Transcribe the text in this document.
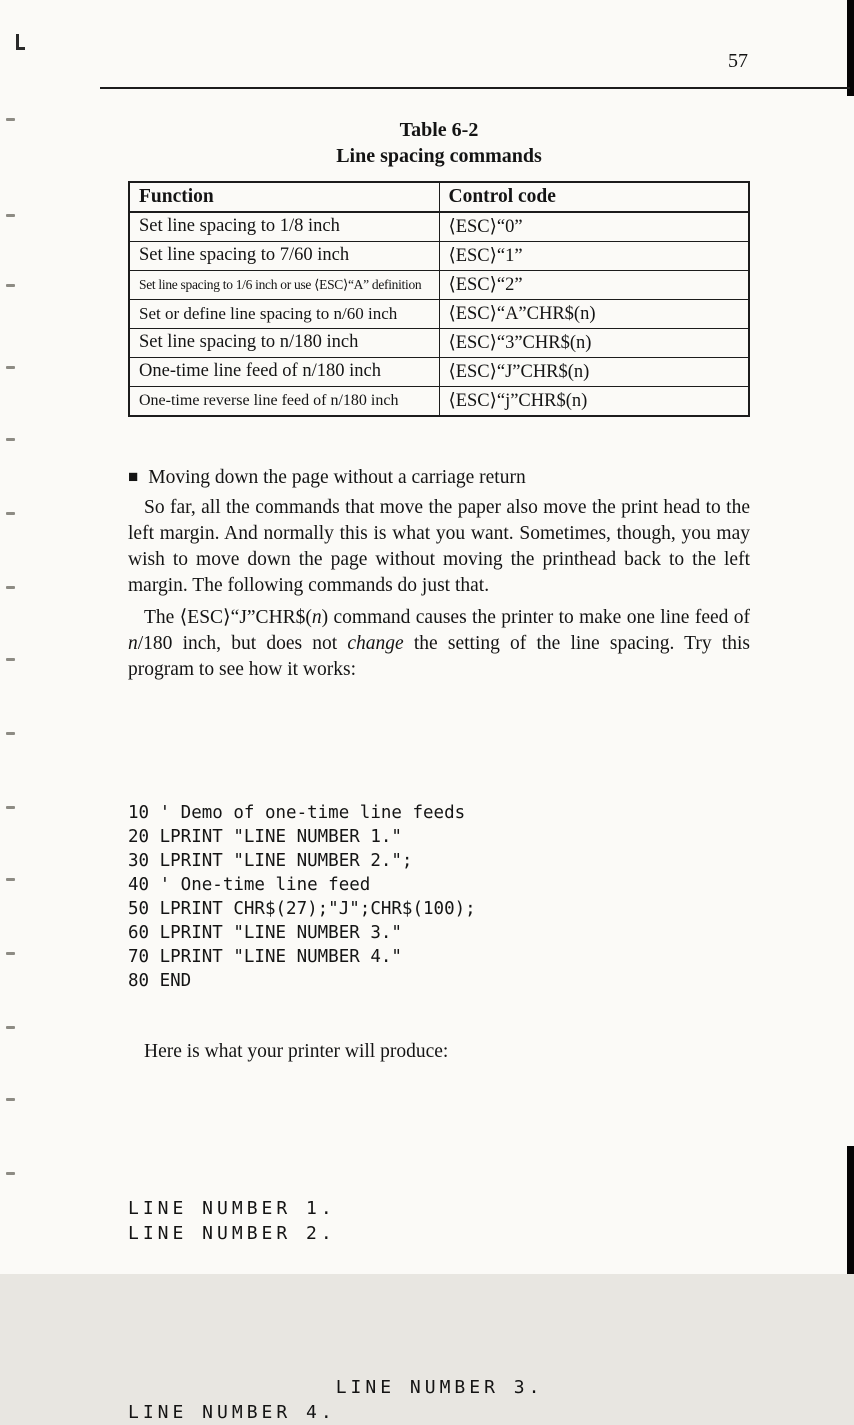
57
Table 6-2
Line spacing commands
Function	Control code
Set line spacing to 1/8 inch	⟨ESC⟩“0”
Set line spacing to 7/60 inch	⟨ESC⟩“1”
Set line spacing to 1/6 inch or use ⟨ESC⟩“A” definition	⟨ESC⟩“2”
Set or define line spacing to n/60 inch	⟨ESC⟩“A”CHR$(n)
Set line spacing to n/180 inch	⟨ESC⟩“3”CHR$(n)
One-time line feed of n/180 inch	⟨ESC⟩“J”CHR$(n)
One-time reverse line feed of n/180 inch	⟨ESC⟩“j”CHR$(n)
■ Moving down the page without a carriage return

So far, all the commands that move the paper also move the print head to the left margin. And normally this is what you want. Sometimes, though, you may wish to move down the page without moving the printhead back to the left margin. The following commands do just that.

The ⟨ESC⟩“J”CHR$(n) command causes the printer to make one line feed of n/180 inch, but does not change the setting of the line spacing. Try this program to see how it works:

10 ' Demo of one-time line feeds
20 LPRINT "LINE NUMBER 1."
30 LPRINT "LINE NUMBER 2.";
40 ' One-time line feed
50 LPRINT CHR$(27);"J";CHR$(100);
60 LPRINT "LINE NUMBER 3."
70 LPRINT "LINE NUMBER 4."
80 END
Here is what your printer will produce:

LINE NUMBER 1.
LINE NUMBER 2.

LINE NUMBER 3.
LINE NUMBER 4.
